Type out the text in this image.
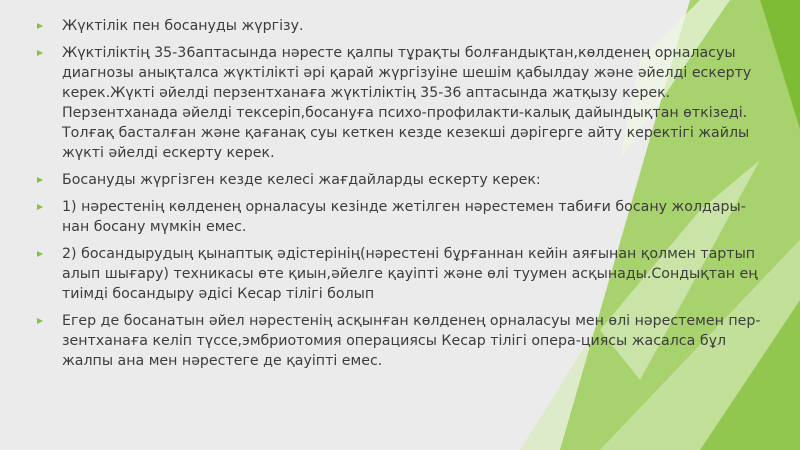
Жүктілік пен босануды жүргізу.
Жүктіліктің 35-36аптасында нәресте қалпы тұрақты болғандықтан,көлденең орналасуы
диагнозы анықталса жүктілікті әрі қарай жүргізуіне шешім қабылдау және әйелді ескерту
керек.Жүкті әйелді перзентханаға жүктіліктің 35-36 аптасында жатқызу керек.
Перзентханада әйелді тексеріп,босануға психо-профилакти-калық дайындықтан өткізеді.
Толғақ басталған және қағанақ суы кеткен кезде кезекші дәрігерге айту керектігі жайлы
жүкті әйелді ескерту керек.
Босануды жүргізген кезде келесі жағдайларды ескерту керек:
1) нәрестенің көлденең орналасуы кезінде жетілген нәрестемен табиғи босану жолдары-
нан босану мүмкін емес.
2) босандырудың қынаптық әдістерінің(нәрестені бұрғаннан кейін аяғынан қолмен тартып
алып шығару) техникасы өте қиын,әйелге қауіпті және өлі туумен асқынады.Сондықтан ең
тиімді босандыру әдісі Кесар тілігі болып
Егер де босанатын әйел нәрестенің асқынған көлденең орналасуы мен өлі нәрестемен пер-
зентханаға келіп түссе,эмбриотомия операциясы Кесар тілігі опера-циясы жасалса бұл
жалпы ана мен нәрестеге де қауіпті емес.
